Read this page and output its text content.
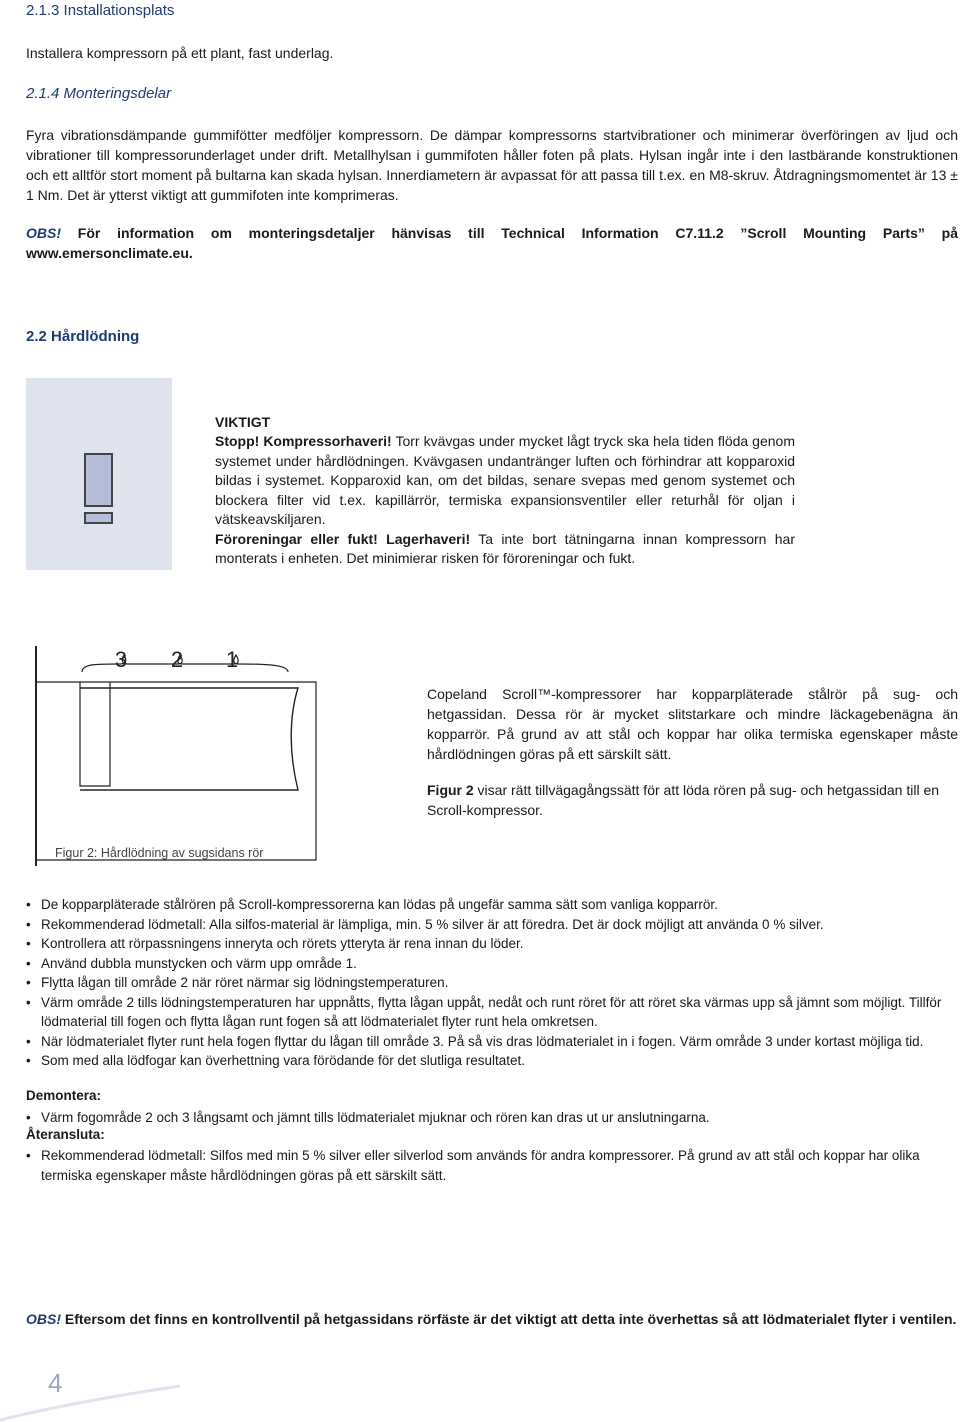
2.1.3 Installationsplats
Installera kompressorn på ett plant, fast underlag.
2.1.4 Monteringsdelar
Fyra vibrationsdämpande gummifötter medföljer kompressorn. De dämpar kompressorns startvibrationer och minimerar överföringen av ljud och vibrationer till kompressorunderlaget under drift. Metallhylsan i gummifoten håller foten på plats. Hylsan ingår inte i den lastbärande konstruktionen och ett alltför stort moment på bultarna kan skada hylsan. Innerdiametern är avpassat för att passa till t.ex. en M8-skruv. Åtdragningsmomentet är 13 ± 1 Nm. Det är ytterst viktigt att gummifoten inte komprimeras.
OBS! För information om monteringsdetaljer hänvisas till Technical Information C7.11.2 ”Scroll Mounting Parts” på www.emersonclimate.eu.
2.2 Hårdlödning
VIKTIGT
Stopp! Kompressorhaveri! Torr kvävgas under mycket lågt tryck ska hela tiden flöda genom systemet under hårdlödningen. Kvävgasen undantränger luften och förhindrar att kopparoxid bildas i systemet. Kopparoxid kan, om det bildas, senare svepas med genom systemet och blockera filter vid t.ex. kapillärrör, termiska expansionsventiler eller returhål för oljan i vätskeavskiljaren.
Föroreningar eller fukt! Lagerhaveri! Ta inte bort tätningarna innan kompressorn har monterats i enheten. Det minimierar risken för föroreningar och fukt.
3 2 1
Figur 2: Hårdlödning av sugsidans rör
Copeland Scroll™-kompressorer har kopparpläterade stålrör på sug- och hetgassidan. Dessa rör är mycket slitstarkare och mindre läckagebenägna än kopparrör. På grund av att stål och koppar har olika termiska egenskaper måste hårdlödningen göras på ett särskilt sätt.
Figur 2 visar rätt tillvägagångssätt för att löda rören på sug- och hetgassidan till en Scroll-kompressor.
• De kopparpläterade stålrören på Scroll-kompressorerna kan lödas på ungefär samma sätt som vanliga kopparrör.
• Rekommenderad lödmetall: Alla silfos-material är lämpliga, min. 5 % silver är att föredra. Det är dock möjligt att använda 0 % silver.
• Kontrollera att rörpassningens inneryta och rörets ytteryta är rena innan du löder.
• Använd dubbla munstycken och värm upp område 1.
• Flytta lågan till område 2 när röret närmar sig lödningstemperaturen.
• Värm område 2 tills lödningstemperaturen har uppnåtts, flytta lågan uppåt, nedåt och runt röret för att röret ska värmas upp så jämnt som möjligt. Tillför lödmaterial till fogen och flytta lågan runt fogen så att lödmaterialet flyter runt hela omkretsen.
• När lödmaterialet flyter runt hela fogen flyttar du lågan till område 3. På så vis dras lödmaterialet in i fogen. Värm område 3 under kortast möjliga tid.
• Som med alla lödfogar kan överhettning vara förödande för det slutliga resultatet.
Demontera:
• Värm fogområde 2 och 3 långsamt och jämnt tills lödmaterialet mjuknar och rören kan dras ut ur anslutningarna.
Återansluta:
• Rekommenderad lödmetall: Silfos med min 5 % silver eller silverlod som används för andra kompressorer. På grund av att stål och koppar har olika termiska egenskaper måste hårdlödningen göras på ett särskilt sätt.
OBS! Eftersom det finns en kontrollventil på hetgassidans rörfäste är det viktigt att detta inte överhettas så att lödmaterialet flyter i ventilen.
4
